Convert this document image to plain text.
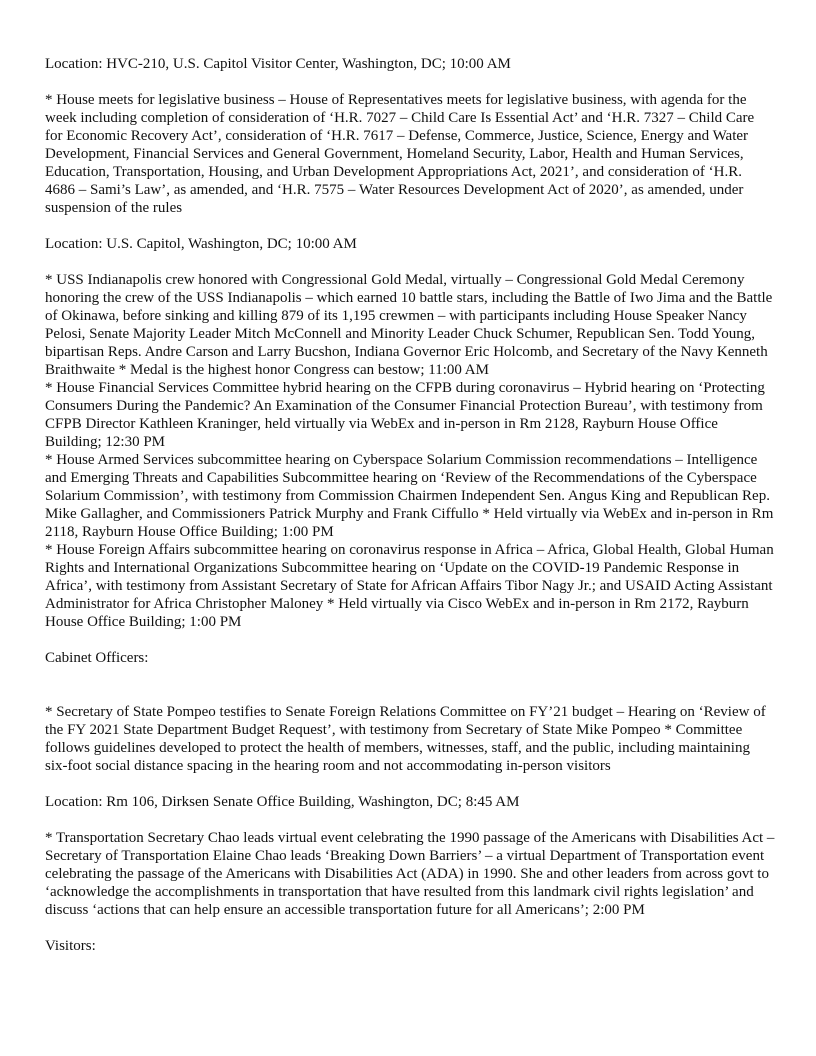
Location: HVC-210, U.S. Capitol Visitor Center, Washington, DC; 10:00 AM

* House meets for legislative business – House of Representatives meets for legislative business, with agenda for the week including completion of consideration of ‘H.R. 7027 – Child Care Is Essential Act’ and ‘H.R. 7327 – Child Care for Economic Recovery Act’, consideration of ‘H.R. 7617 – Defense, Commerce, Justice, Science, Energy and Water Development, Financial Services and General Government, Homeland Security, Labor, Health and Human Services, Education, Transportation, Housing, and Urban Development Appropriations Act, 2021’, and consideration of ‘H.R. 4686 – Sami’s Law’, as amended, and ‘H.R. 7575 – Water Resources Development Act of 2020’, as amended, under suspension of the rules

Location: U.S. Capitol, Washington, DC; 10:00 AM

* USS Indianapolis crew honored with Congressional Gold Medal, virtually – Congressional Gold Medal Ceremony honoring the crew of the USS Indianapolis – which earned 10 battle stars, including the Battle of Iwo Jima and the Battle of Okinawa, before sinking and killing 879 of its 1,195 crewmen – with participants including House Speaker Nancy Pelosi, Senate Majority Leader Mitch McConnell and Minority Leader Chuck Schumer, Republican Sen. Todd Young, bipartisan Reps. Andre Carson and Larry Bucshon, Indiana Governor Eric Holcomb, and Secretary of the Navy Kenneth Braithwaite * Medal is the highest honor Congress can bestow; 11:00 AM

* House Financial Services Committee hybrid hearing on the CFPB during coronavirus – Hybrid hearing on ‘Protecting Consumers During the Pandemic? An Examination of the Consumer Financial Protection Bureau’, with testimony from CFPB Director Kathleen Kraninger, held virtually via WebEx and in-person in Rm 2128, Rayburn House Office Building; 12:30 PM

* House Armed Services subcommittee hearing on Cyberspace Solarium Commission recommendations – Intelligence and Emerging Threats and Capabilities Subcommittee hearing on ‘Review of the Recommendations of the Cyberspace Solarium Commission’, with testimony from Commission Chairmen Independent Sen. Angus King and Republican Rep. Mike Gallagher, and Commissioners Patrick Murphy and Frank Ciffullo * Held virtually via WebEx and in-person in Rm 2118, Rayburn House Office Building; 1:00 PM

* House Foreign Affairs subcommittee hearing on coronavirus response in Africa – Africa, Global Health, Global Human Rights and International Organizations Subcommittee hearing on ‘Update on the COVID-19 Pandemic Response in Africa’, with testimony from Assistant Secretary of State for African Affairs Tibor Nagy Jr.; and USAID Acting Assistant Administrator for Africa Christopher Maloney * Held virtually via Cisco WebEx and in-person in Rm 2172, Rayburn House Office Building; 1:00 PM

Cabinet Officers:

* Secretary of State Pompeo testifies to Senate Foreign Relations Committee on FY’21 budget – Hearing on ‘Review of the FY 2021 State Department Budget Request’, with testimony from Secretary of State Mike Pompeo * Committee follows guidelines developed to protect the health of members, witnesses, staff, and the public, including maintaining six-foot social distance spacing in the hearing room and not accommodating in-person visitors

Location: Rm 106, Dirksen Senate Office Building, Washington, DC; 8:45 AM

* Transportation Secretary Chao leads virtual event celebrating the 1990 passage of the Americans with Disabilities Act – Secretary of Transportation Elaine Chao leads ‘Breaking Down Barriers’ – a virtual Department of Transportation event celebrating the passage of the Americans with Disabilities Act (ADA) in 1990. She and other leaders from across govt to ‘acknowledge the accomplishments in transportation that have resulted from this landmark civil rights legislation’ and discuss ‘actions that can help ensure an accessible transportation future for all Americans’; 2:00 PM

Visitors:
